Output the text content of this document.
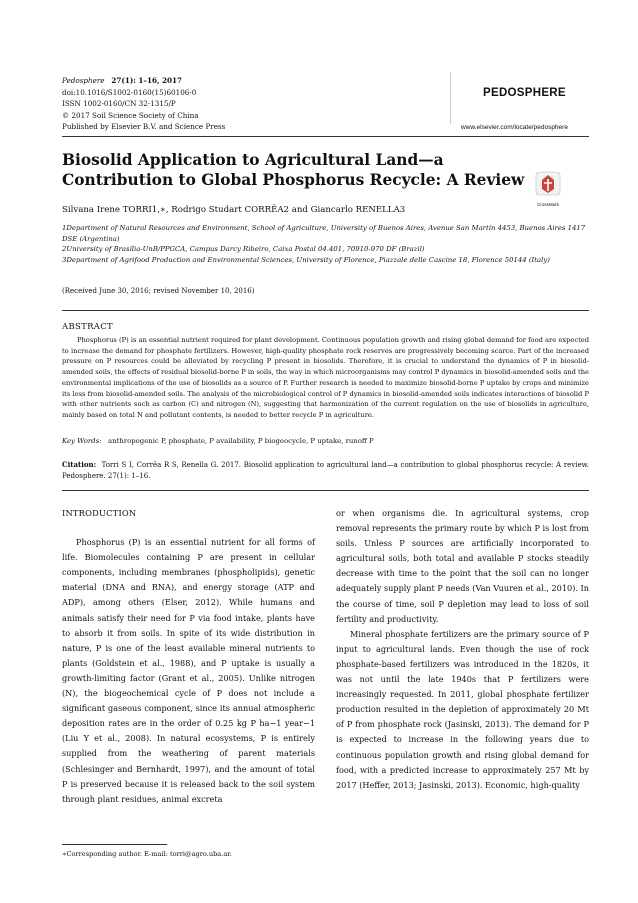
Pedosphere 27(1): 1–16, 2017
doi:10.1016/S1002-0160(15)60106-0
ISSN 1002-0160/CN 32-1315/P
© 2017 Soil Science Society of China
Published by Elsevier B.V. and Science Press
PEDOSPHERE
www.elsevier.com/locate/pedosphere
Biosolid Application to Agricultural Land—a Contribution to Global Phosphorus Recycle: A Review
CrossMark
Silvana Irene TORRI1,∗, Rodrigo Studart CORRÊA2 and Giancarlo RENELLA3
1Department of Natural Resources and Environment, School of Agriculture, University of Buenos Aires, Avenue San Martín 4453, Buenos Aires 1417 DSE (Argentina)
2University of Brasília-UnB/PPGCA, Campus Darcy Ribeiro, Caixa Postal 04.401, 70910-970 DF (Brazil)
3Department of Agrifood Production and Environmental Sciences, University of Florence, Piazzale delle Cascine 18, Florence 50144 (Italy)
(Received June 30, 2016; revised November 10, 2016)
ABSTRACT
Phosphorus (P) is an essential nutrient required for plant development. Continuous population growth and rising global demand for food are expected to increase the demand for phosphate fertilizers. However, high-quality phosphate rock reserves are progressively becoming scarce. Part of the increased pressure on P resources could be alleviated by recycling P present in biosolids. Therefore, it is crucial to understand the dynamics of P in biosolid-amended soils, the effects of residual biosolid-borne P in soils, the way in which microorganisms may control P dynamics in biosolid-amended soils and the environmental implications of the use of biosolids as a source of P. Further research is needed to maximize biosolid-borne P uptake by crops and minimize its loss from biosolid-amended soils. The analysis of the microbiological control of P dynamics in biosolid-amended soils indicates interactions of biosolid P with other nutrients such as carbon (C) and nitrogen (N), suggesting that harmonization of the current regulation on the use of biosolids in agriculture, mainly based on total N and pollutant contents, is needed to better recycle P in agriculture.
Key Words: anthropogenic P, phosphate, P availability, P biogeocycle, P uptake, runoff P
Citation: Torri S I, Corrêa R S, Renella G. 2017. Biosolid application to agricultural land—a contribution to global phosphorus recycle: A review. Pedosphere. 27(1): 1–16.
INTRODUCTION

Phosphorus (P) is an essential nutrient for all forms of life. Biomolecules containing P are present in cellular components, including membranes (phospholipids), genetic material (DNA and RNA), and energy storage (ATP and ADP), among others (Elser, 2012). While humans and animals satisfy their need for P via food intake, plants have to absorb it from soils. In spite of its wide distribution in nature, P is one of the least available mineral nutrients to plants (Goldstein et al., 1988), and P uptake is usually a growth-limiting factor (Grant et al., 2005). Unlike nitrogen (N), the biogeochemical cycle of P does not include a significant gaseous component, since its annual atmospheric deposition rates are in the order of 0.25 kg P ha−1 year−1 (Liu Y et al., 2008). In natural ecosystems, P is entirely supplied from the weathering of parent materials (Schlesinger and Bernhardt, 1997), and the amount of total P is preserved because it is released back to the soil system through plant residues, animal excreta

or when organisms die. In agricultural systems, crop removal represents the primary route by which P is lost from soils. Unless P sources are artificially incorporated to agricultural soils, both total and available P stocks steadily decrease with time to the point that the soil can no longer adequately supply plant P needs (Van Vuuren et al., 2010). In the course of time, soil P depletion may lead to loss of soil fertility and productivity.

Mineral phosphate fertilizers are the primary source of P input to agricultural lands. Even though the use of rock phosphate-based fertilizers was introduced in the 1820s, it was not until the late 1940s that P fertilizers were increasingly requested. In 2011, global phosphate fertilizer production resulted in the depletion of approximately 20 Mt of P from phosphate rock (Jasinski, 2013). The demand for P is expected to increase in the following years due to continuous population growth and rising global demand for food, with a predicted increase to approximately 257 Mt by 2017 (Heffer, 2013; Jasinski, 2013). Economic, high-quality

∗Corresponding author. E-mail: torri@agro.uba.ar.
